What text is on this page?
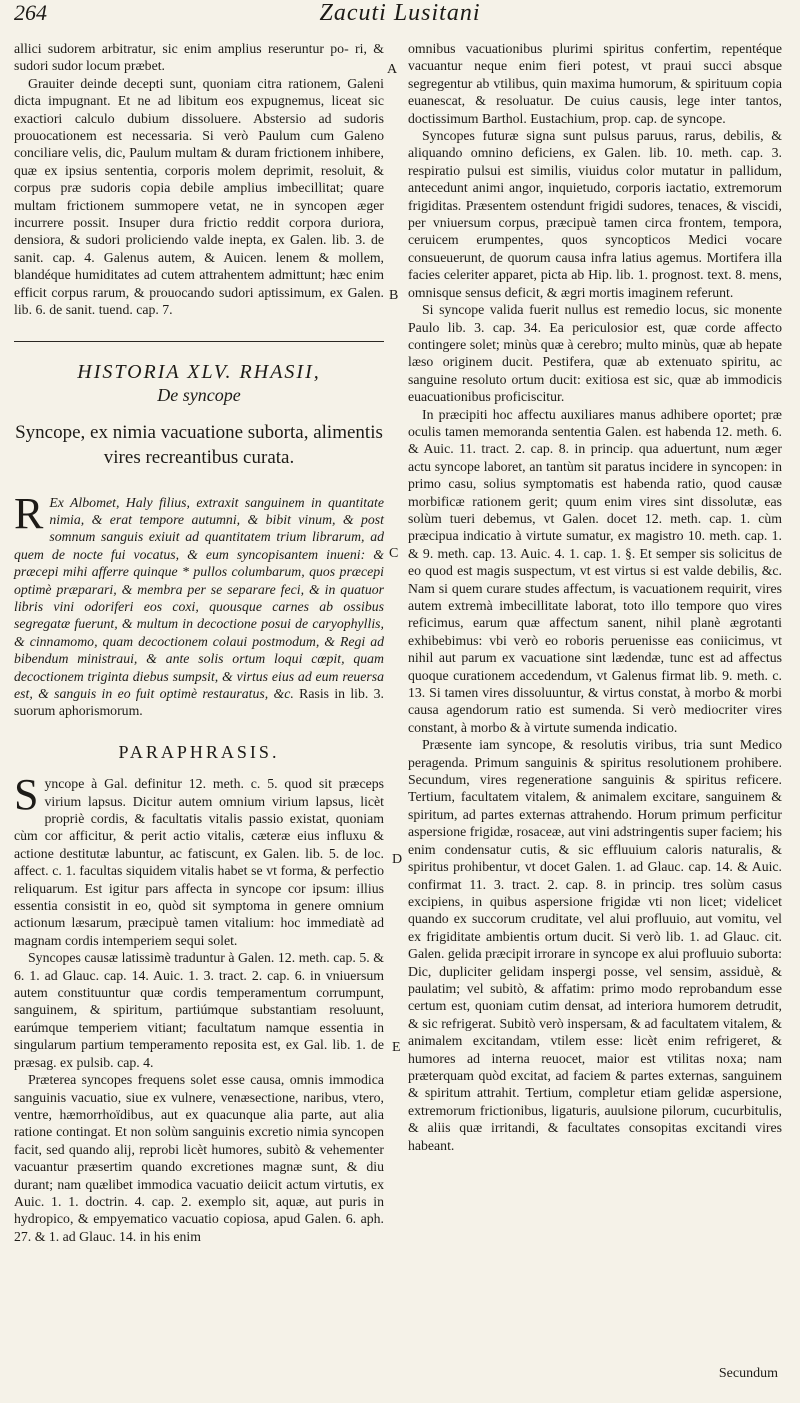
264	Zacuti Lusitani

allici sudorem arbitratur, sic enim amplius reseruntur po- ri, & sudori sudor locum præbet.

Grauiter deinde decepti sunt, quoniam citra rationem, Galeni dicta impugnant. Et ne ad libitum eos expugnemus, liceat sic exactiori calculo dubium dissoluere. Abstersio ad sudoris prouocationem est necessaria. Si verò Paulum cum Galeno conciliare velis, dic, Paulum multam & duram frictionem inhibere, quæ ex ipsius sententia, corporis molem deprimit, resoluit, & corpus præ sudoris copia debile amplius imbecillitat; quare multam frictionem summopere vetat, ne in syncopen æger incurrere possit. Insuper dura frictio reddit corpora duriora, densiora, & sudori proliciendo valde inepta, ex Galen. lib. 3. de sanit. cap. 4. Galenus autem, & Auicen. lenem & mollem, blandéque humiditates ad cutem attrahentem admittunt; hæc enim efficit corpus rarum, & prouocando sudori aptissimum, ex Galen. lib. 6. de sanit. tuend. cap. 7.

HISTORIA XLV. RHASII,
De syncope
Syncope, ex nimia vacuatione suborta, alimentis vires recreantibus curata.

R Ex Albomet, Haly filius, extraxit sanguinem in quantitate nimia, & erat tempore autumni, & bibit vinum, & post somnum sanguis exiuit ad quantitatem trium librarum, ad quem de nocte fui vocatus, & eum syncopisantem inueni: & præcepi mihi afferre quinque * pullos columbarum, quos præcepi optimè præparari, & membra per se separare feci, & in quatuor libris vini odoriferi eos coxi, quousque carnes ab ossibus segregatæ fuerunt, & multum in decoctione posui de caryophyllis, & cinnamomo, quam decoctionem colaui postmodum, & Regi ad bibendum ministraui, & ante solis ortum loqui cœpit, quam decoctionem triginta diebus sumpsit, & virtus eius ad eum reuersa est, & sanguis in eo fuit optimè restauratus, &c. Rasis in lib. 3. suorum aphorismorum.

PARAPHRASIS.

S yncope à Gal. definitur 12. meth. c. 5. quod sit præceps virium lapsus. Dicitur autem omnium virium lapsus, licèt propriè cordis, & facultatis vitalis passio existat, quoniam cùm cor afficitur, & perit actio vitalis, cæteræ eius influxu & actione destitutæ labuntur, ac fatiscunt, ex Galen. lib. 5. de loc. affect. c. 1. facultas siquidem vitalis habet se vt forma, & perfectio reliquarum. Est igitur pars affecta in syncope cor ipsum: illius essentia consistit in eo, quòd sit symptoma in genere omnium actionum læsarum, præcipuè tamen vitalium: hoc immediatè ad magnam cordis intemperiem sequi solet.

Syncopes causæ latissimè traduntur à Galen. 12. meth. cap. 5. & 6. 1. ad Glauc. cap. 14. Auic. 1. 3. tract. 2. cap. 6. in vniuersum autem constituuntur quæ cordis temperamentum corrumpunt, sanguinem, & spiritum, partiúmque substantiam resoluunt, earúmque temperiem vitiant; facultatum namque essentia in singularum partium temperamento reposita est, ex Gal. lib. 1. de præsag. ex pulsib. cap. 4.

Præterea syncopes frequens solet esse causa, omnis immodica sanguinis vacuatio, siue ex vulnere, venæsectione, naribus, vtero, ventre, hæmorrhoïdibus, aut ex quacunque alia parte, aut alia ratione contingat. Et non solùm sanguinis excretio nimia syncopen facit, sed quando alij, reprobi licèt humores, subitò & vehementer vacuantur præsertim quando excretiones magnæ sunt, & diu durant; nam quælibet immodica vacuatio deiicit actum virtutis, ex Auic. 1. 1. doctrin. 4. cap. 2. exemplo sit, aquæ, aut puris in hydropico, & empyematico vacuatio copiosa, apud Galen. 6. aph. 27. & 1. ad Glauc. 14. in his enim

omnibus vacuationibus plurimi spiritus confertim, repentéque vacuantur neque enim fieri potest, vt praui succi absque segregentur ab vtilibus, quin maxima humorum, & spirituum copia euanescat, & resoluatur. De cuius causis, lege inter tantos, doctissimum Barthol. Eustachium, prop. cap. de syncope.

Syncopes futuræ signa sunt pulsus paruus, rarus, debilis, & aliquando omnino deficiens, ex Galen. lib. 10. meth. cap. 3. respiratio pulsui est similis, viuidus color mutatur in pallidum, antecedunt animi angor, inquietudo, corporis iactatio, extremorum frigiditas. Præsentem ostendunt frigidi sudores, tenaces, & viscidi, per vniuersum corpus, præcipuè tamen circa frontem, tempora, ceruicem erumpentes, quos syncopticos Medici vocare consueuerunt, de quorum causa infra latius agemus. Mortifera illa facies celeriter apparet, picta ab Hip. lib. 1. prognost. text. 8. mens, omnisque sensus deficit, & ægri mortis imaginem referunt.

Si syncope valida fuerit nullus est remedio locus, sic monente Paulo lib. 3. cap. 34. Ea periculosior est, quæ corde affecto contingere solet; minùs quæ à cerebro; multo minùs, quæ ab hepate læso originem ducit. Pestifera, quæ ab extenuato spiritu, ac sanguine resoluto ortum ducit: exitiosa est sic, quæ ab immodicis euacuationibus proficiscitur.

In præcipiti hoc affectu auxiliares manus adhibere oportet; præ oculis tamen memoranda sententia Galen. est habenda 12. meth. 6. & Auic. 11. tract. 2. cap. 8. in princip. qua aduertunt, num æger actu syncope laboret, an tantùm sit paratus incidere in syncopen: in primo casu, solius symptomatis est habenda ratio, quod causæ morbificæ rationem gerit; quum enim vires sint dissolutæ, eas solùm tueri debemus, vt Galen. docet 12. meth. cap. 1. cùm præcipua indicatio à virtute sumatur, ex magistro 10. meth. cap. 1. & 9. meth. cap. 13. Auic. 4. 1. cap. 1. §. Et semper sis solicitus de eo quod est magis suspectum, vt est virtus si est valde debilis, &c. Nam si quem curare studes affectum, is vacuationem requirit, vires autem extremà imbecillitate laborat, toto illo tempore quo vires reficimus, earum quæ affectum sanent, nihil planè ægrotanti exhibebimus: vbi verò eo roboris peruenisse eas coniicimus, vt nihil aut parum ex vacuatione sint lædendæ, tunc est ad affectus quoque curationem accedendum, vt Galenus firmat lib. 9. meth. c. 13. Si tamen vires dissoluuntur, & virtus constat, à morbo & morbi causa agendorum ratio est sumenda. Si verò mediocriter vires constant, à morbo & à virtute sumenda indicatio.

Præsente iam syncope, & resolutis viribus, tria sunt Medico peragenda. Primum sanguinis & spiritus resolutionem prohibere. Secundum, vires regeneratione sanguinis & spiritus reficere. Tertium, facultatem vitalem, & animalem excitare, sanguinem & spiritum, ad partes externas attrahendo. Horum primum perficitur aspersione frigidæ, rosaceæ, aut vini adstringentis super faciem; his enim condensatur cutis, & sic effluuium caloris naturalis, & spiritus prohibentur, vt docet Galen. 1. ad Glauc. cap. 14. & Auic. confirmat 11. 3. tract. 2. cap. 8. in princip. tres solùm casus excipiens, in quibus aspersione frigidæ vti non licet; videlicet quando ex succorum cruditate, vel alui profluuio, aut vomitu, vel ex frigiditate ambientis ortum ducit. Si verò lib. 1. ad Glauc. cit. Galen. gelida præcipit irrorare in syncope ex alui profluuio suborta: Dic, dupliciter gelidam inspergi posse, vel sensim, assiduè, & paulatim; vel subitò, & affatim: primo modo reprobandum esse certum est, quoniam cutim densat, ad interiora humorem detrudit, & sic refrigerat. Subitò verò inspersam, & ad facultatem vitalem, & animalem excitandam, vtilem esse: licèt enim refrigeret, & humores ad interna reuocet, maior est vtilitas noxa; nam præterquam quòd excitat, ad faciem & partes externas, sanguinem & spiritum attrahit. Tertium, completur etiam gelidæ aspersione, extremorum frictionibus, ligaturis, auulsione pilorum, cucurbitulis, & aliis quæ irritandi, & facultates consopitas excitandi vires habeant.

A
B
C
D
E
Secundum
